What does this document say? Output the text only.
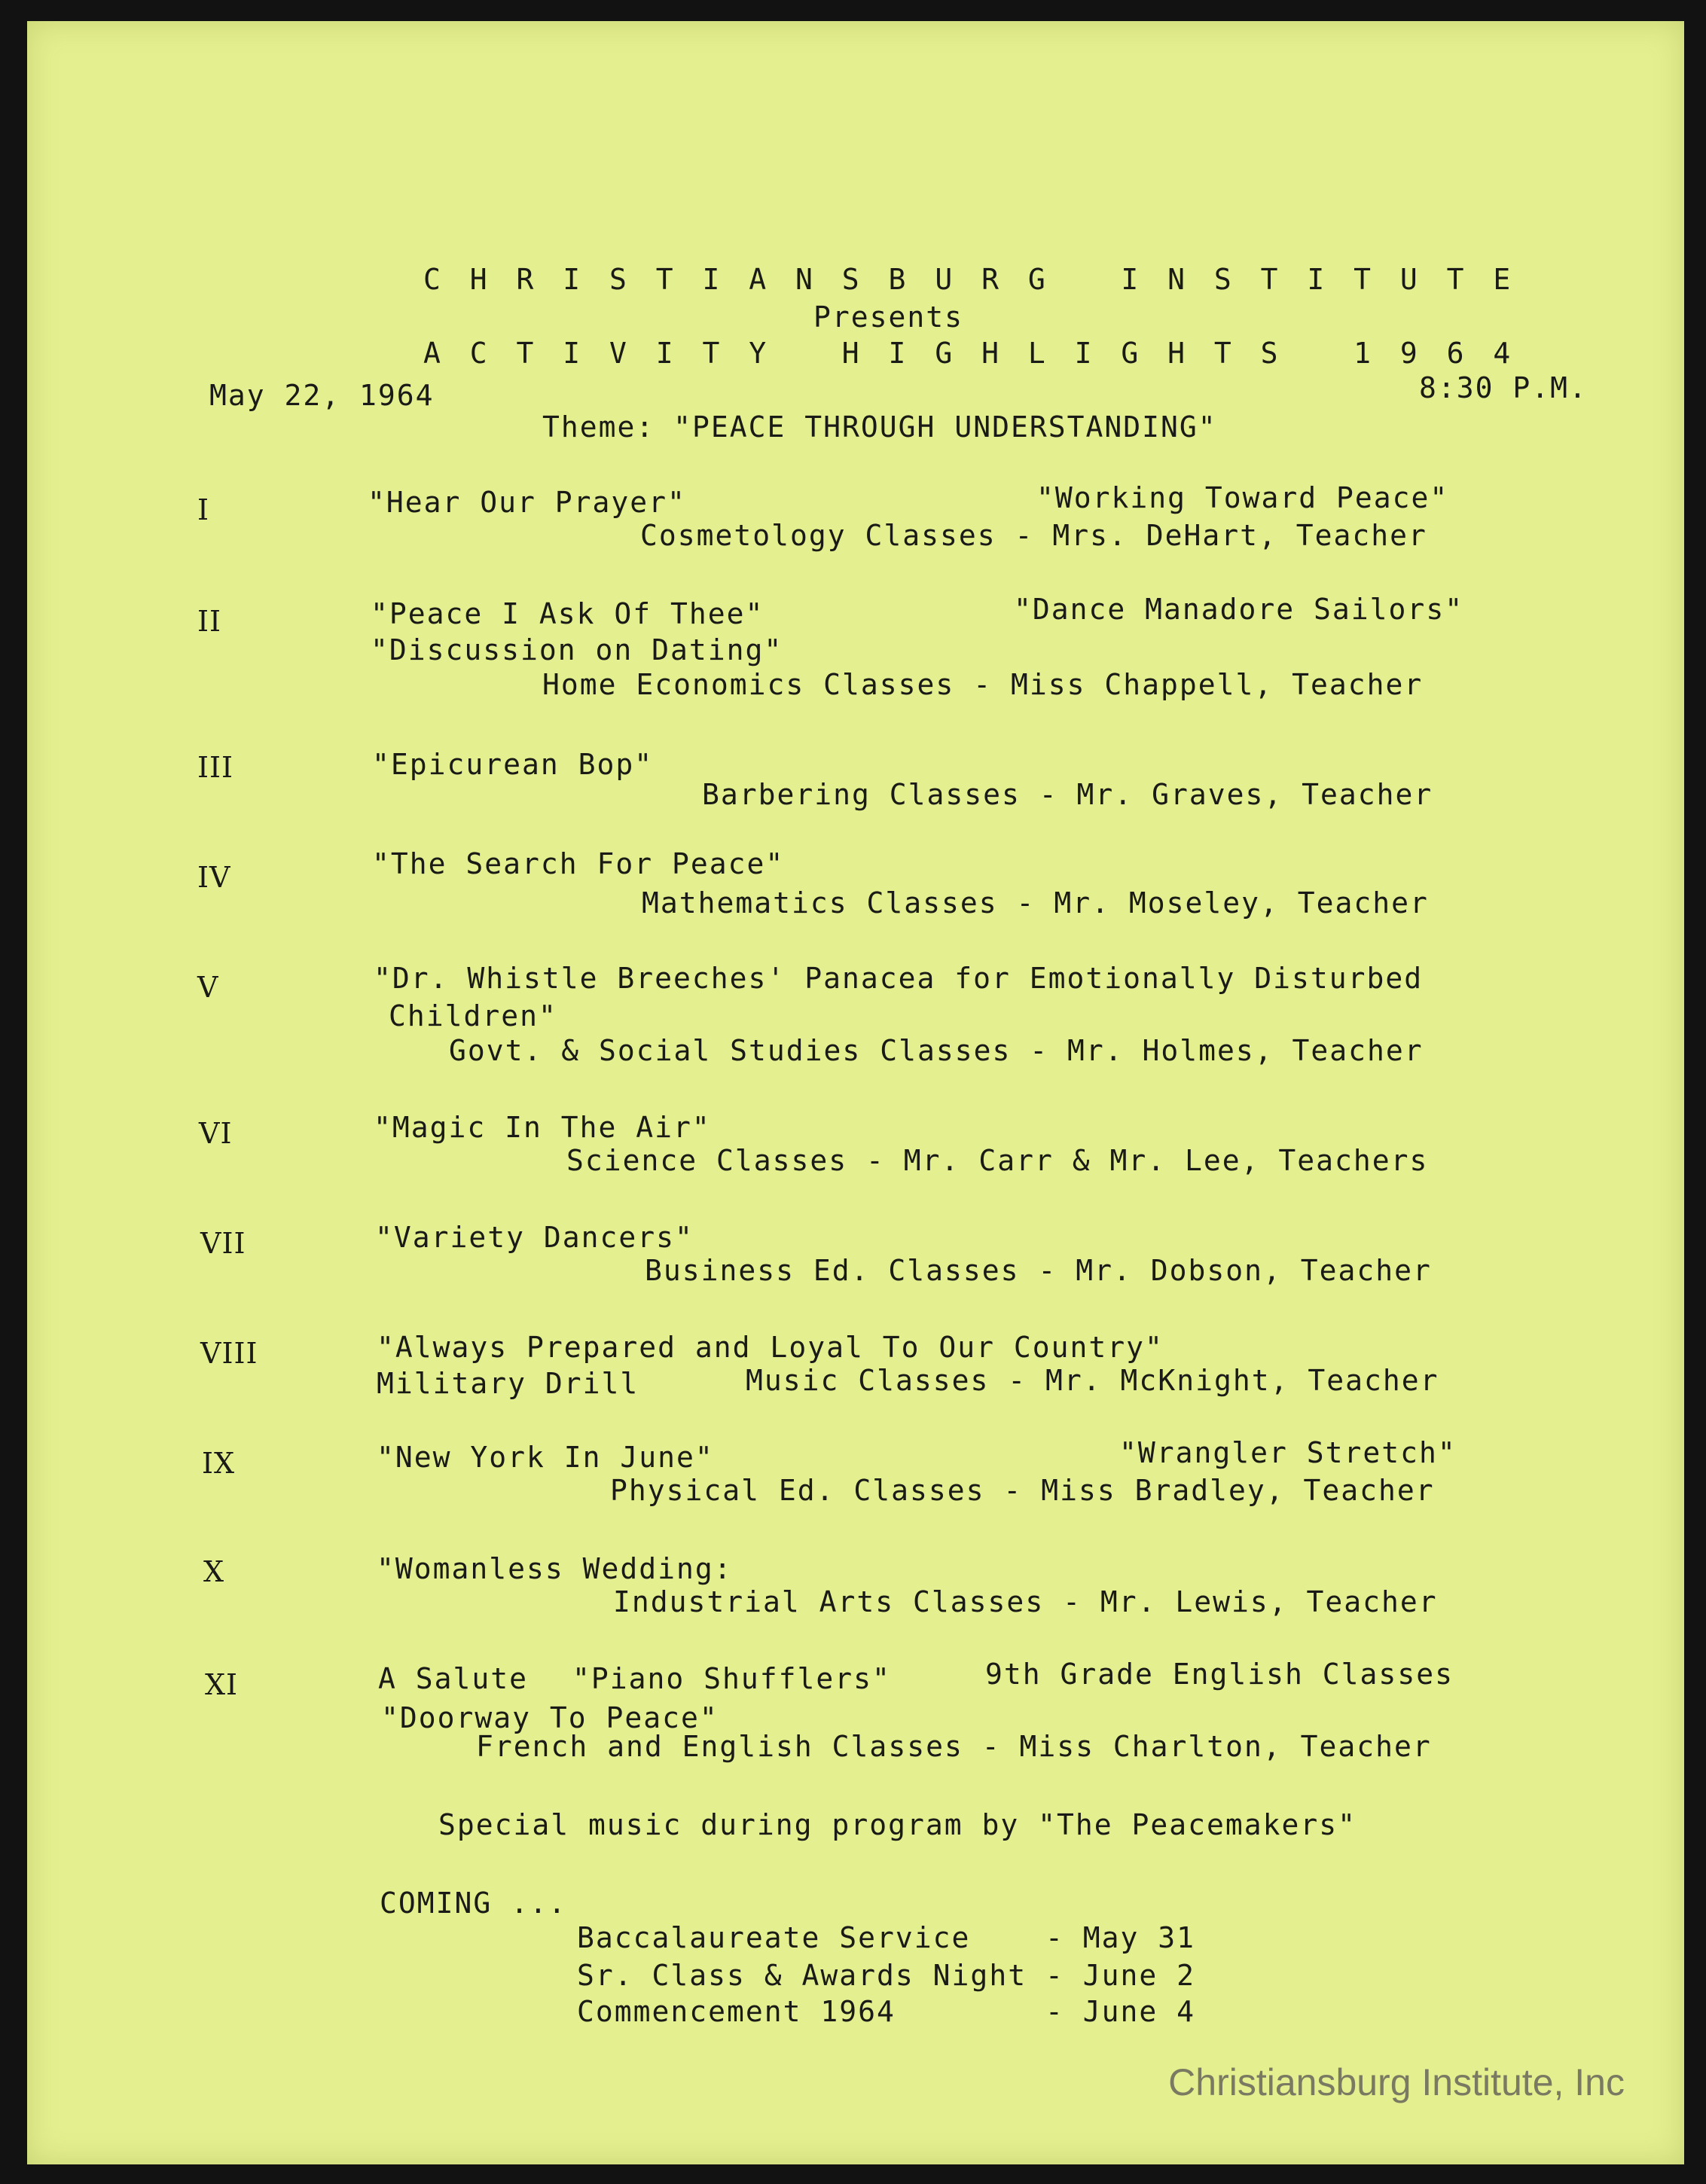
C H R I S T I A N S B U R G   I N S T I T U T E
Presents
A C T I V I T Y   H I G H L I G H T S   1 9 6 4
May 22, 1964	8:30 P.M.
Theme: "PEACE THROUGH UNDERSTANDING"
I	"Hear Our Prayer"	"Working Toward Peace"
Cosmetology Classes - Mrs. DeHart, Teacher
II	"Peace I Ask Of Thee"	"Dance Manadore Sailors"
"Discussion on Dating"
Home Economics Classes - Miss Chappell, Teacher
III	"Epicurean Bop"
Barbering Classes - Mr. Graves, Teacher
IV	"The Search For Peace"
Mathematics Classes - Mr. Moseley, Teacher
V	"Dr. Whistle Breeches' Panacea for Emotionally Disturbed
Children"
Govt. & Social Studies Classes - Mr. Holmes, Teacher
VI	"Magic In The Air"
Science Classes - Mr. Carr & Mr. Lee, Teachers
VII	"Variety Dancers"
Business Ed. Classes - Mr. Dobson, Teacher
VIII	"Always Prepared and Loyal To Our Country"
Military Drill	Music Classes - Mr. McKnight, Teacher
IX	"New York In June"	"Wrangler Stretch"
Physical Ed. Classes - Miss Bradley, Teacher
X	"Womanless Wedding:
Industrial Arts Classes - Mr. Lewis, Teacher
XI	A Salute "Piano Shufflers"	9th Grade English Classes
"Doorway To Peace"
French and English Classes - Miss Charlton, Teacher
Special music during program by "The Peacemakers"
COMING ...
Baccalaureate Service	- May 31
Sr. Class & Awards Night - June 2
Commencement 1964	- June 4
Christiansburg Institute, Inc
